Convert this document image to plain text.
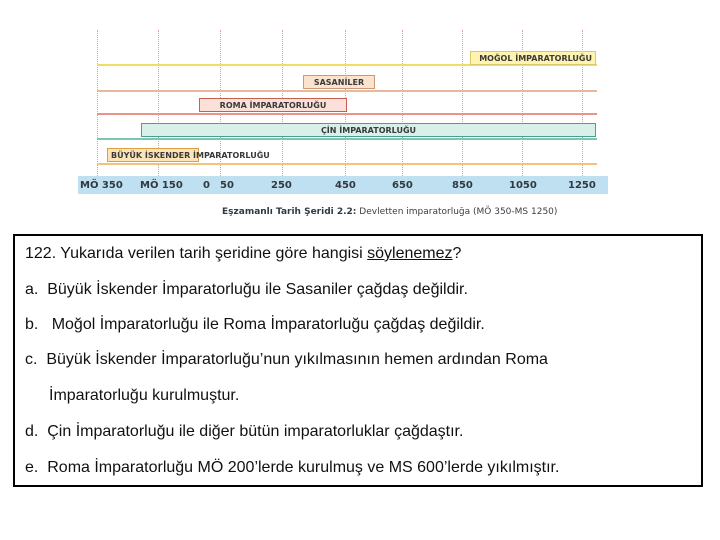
MOĞOL İMPARATORLUĞU
SASANİLER
ROMA İMPARATORLUĞU
ÇİN İMPARATORLUĞU
BÜYÜK İSKENDER İMPARATORLUĞU
MÖ 350 MÖ 150 0 50	250	450	650	850	1050	1250
Eşzamanlı Tarih Şeridi 2.2: Devletten imparatorluğa (MÖ 350-MS 1250)
122. Yukarıda verilen tarih şeridine göre hangisi söylenemez?
a. Büyük İskender İmparatorluğu ile Sasaniler çağdaş değildir.
b. Moğol İmparatorluğu ile Roma İmparatorluğu çağdaş değildir.
c. Büyük İskender İmparatorluğu’nun yıkılmasının hemen ardından Roma
İmparatorluğu kurulmuştur.
d. Çin İmparatorluğu ile diğer bütün imparatorluklar çağdaştır.
e. Roma İmparatorluğu MÖ 200’lerde kurulmuş ve MS 600’lerde yıkılmıştır.
